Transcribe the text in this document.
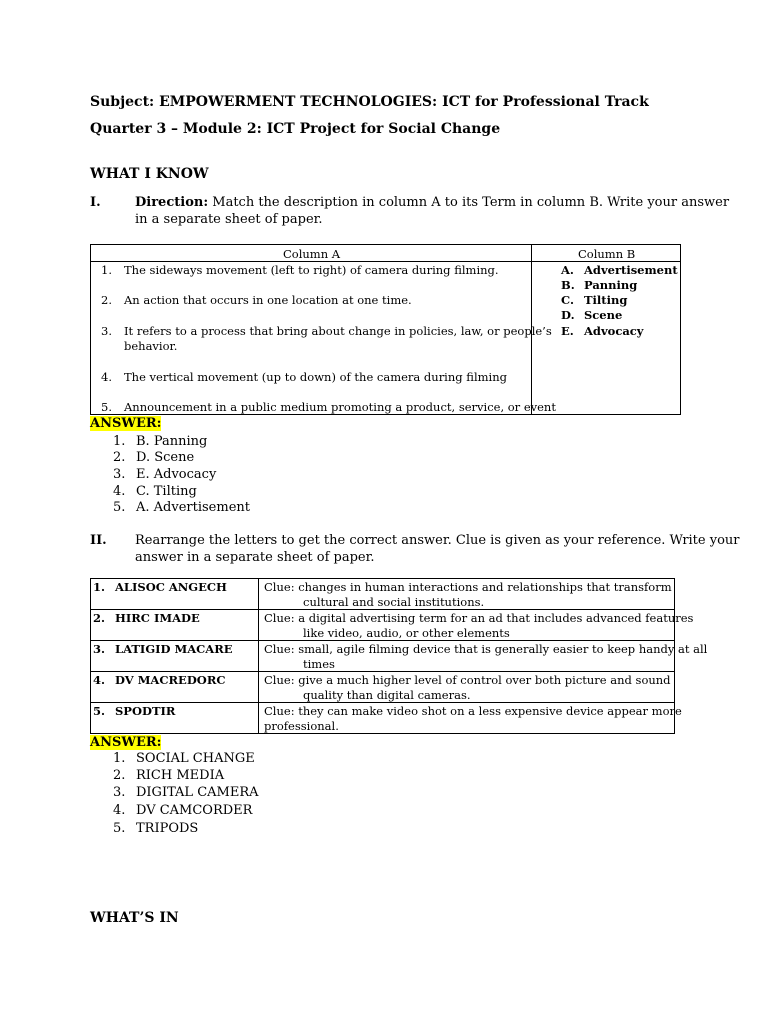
Subject: EMPOWERMENT TECHNOLOGIES: ICT for Professional Track
Quarter 3 – Module 2: ICT Project for Social Change
WHAT I KNOW
I.	Direction: Match the description in column A to its Term in column B. Write your answer
in a separate sheet of paper.
Column A	Column B
1. The sideways movement (left to right) of camera during filming.
2. An action that occurs in one location at one time.
3. It refers to a process that bring about change in policies, law, or people’s
behavior.
4. The vertical movement (up to down) of the camera during filming
5. Announcement in a public medium promoting a product, service, or event
A. Advertisement
B. Panning
C. Tilting
D. Scene
E. Advocacy
ANSWER:
1. B. Panning
2. D. Scene
3. E. Advocacy
4. C. Tilting
5. A. Advertisement
II. Rearrange the letters to get the correct answer. Clue is given as your reference. Write your
answer in a separate sheet of paper.
1. ALISOC ANGECH	Clue: changes in human interactions and relationships that transform
cultural and social institutions.
2. HIRC IMADE	Clue: a digital advertising term for an ad that includes advanced features
like video, audio, or other elements
3. LATIGID MACARE	Clue: small, agile filming device that is generally easier to keep handy at all
times
4. DV MACREDORC	Clue: give a much higher level of control over both picture and sound
quality than digital cameras.
5. SPODTIR	Clue: they can make video shot on a less expensive device appear more
professional.
ANSWER:
1. SOCIAL CHANGE
2. RICH MEDIA
3. DIGITAL CAMERA
4. DV CAMCORDER
5. TRIPODS
WHAT’S IN
